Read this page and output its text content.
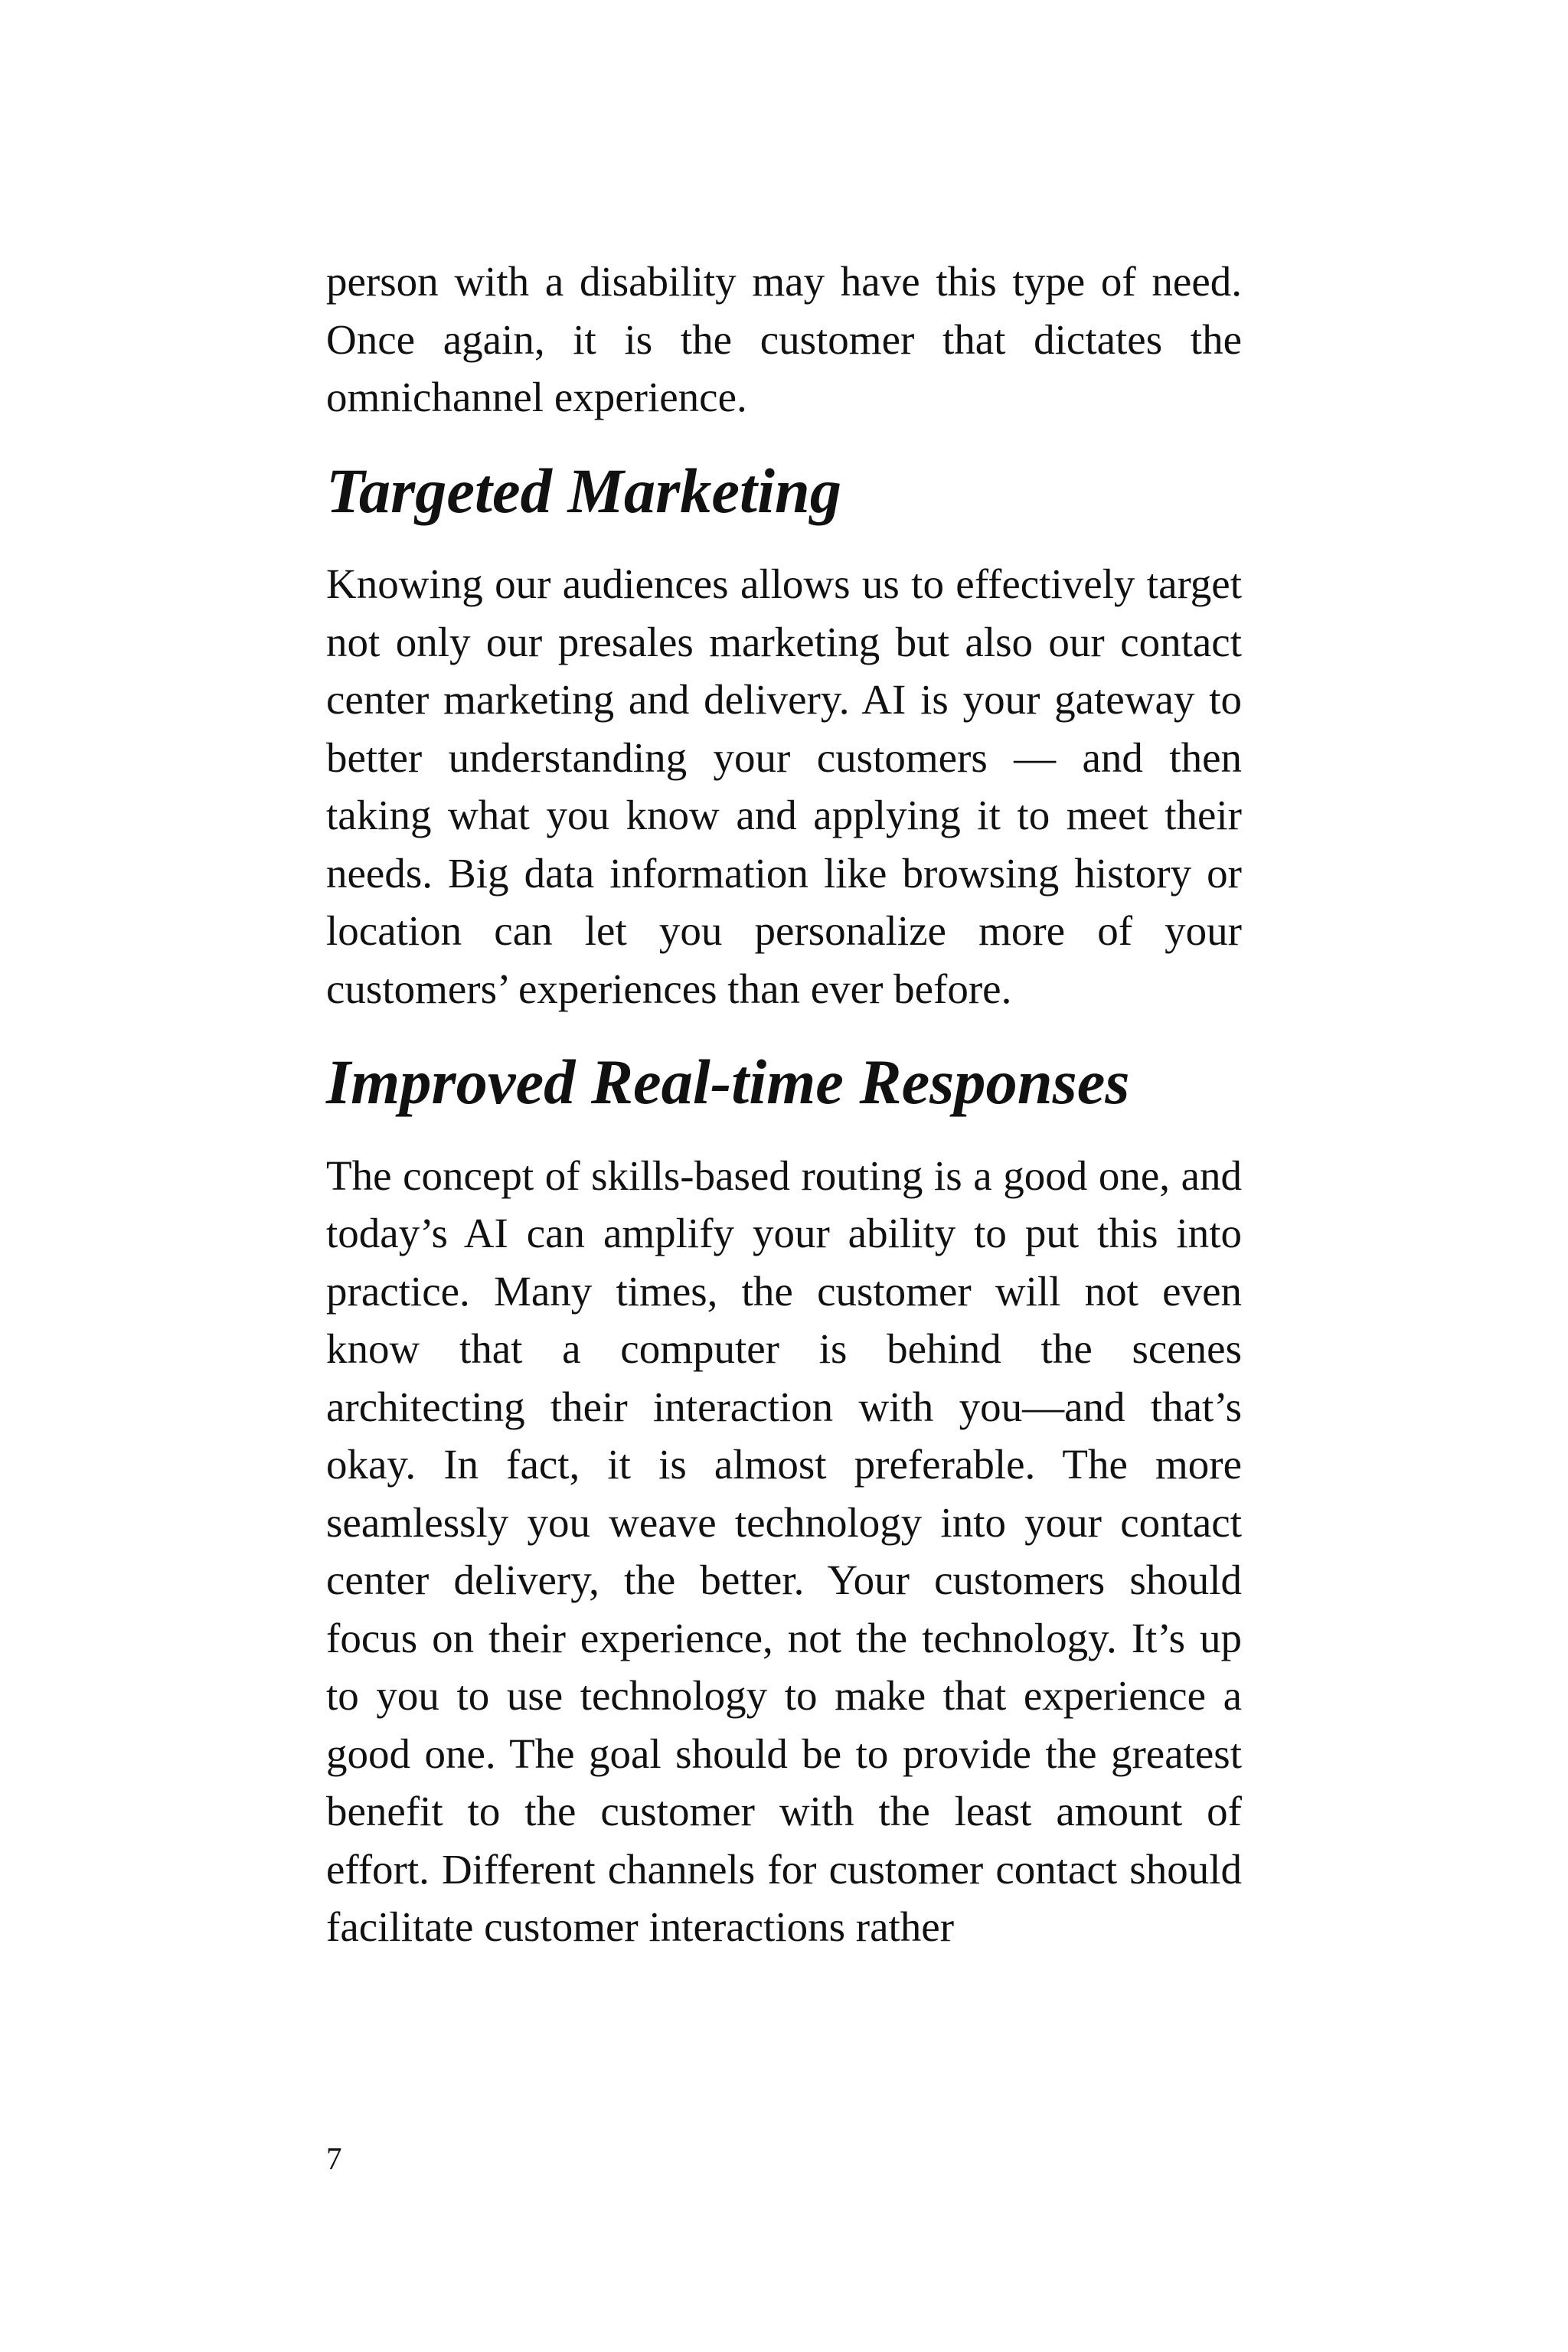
person with a disability may have this type of need. Once again, it is the customer that dictates the omnichannel experience.

Targeted Marketing

Knowing our audiences allows us to effectively target not only our presales marketing but also our contact center marketing and delivery. AI is your gateway to better understanding your customers — and then taking what you know and applying it to meet their needs. Big data information like browsing history or location can let you personalize more of your customers’ experiences than ever before.

Improved Real-time Responses

The concept of skills-based routing is a good one, and today’s AI can amplify your ability to put this into practice. Many times, the customer will not even know that a computer is behind the scenes architecting their interaction with you—and that’s okay. In fact, it is almost preferable. The more seamlessly you weave technology into your contact center delivery, the better. Your customers should focus on their experience, not the technology. It’s up to you to use technology to make that experience a good one. The goal should be to provide the greatest benefit to the customer with the least amount of effort. Different channels for customer contact should facilitate customer interactions rather

7
